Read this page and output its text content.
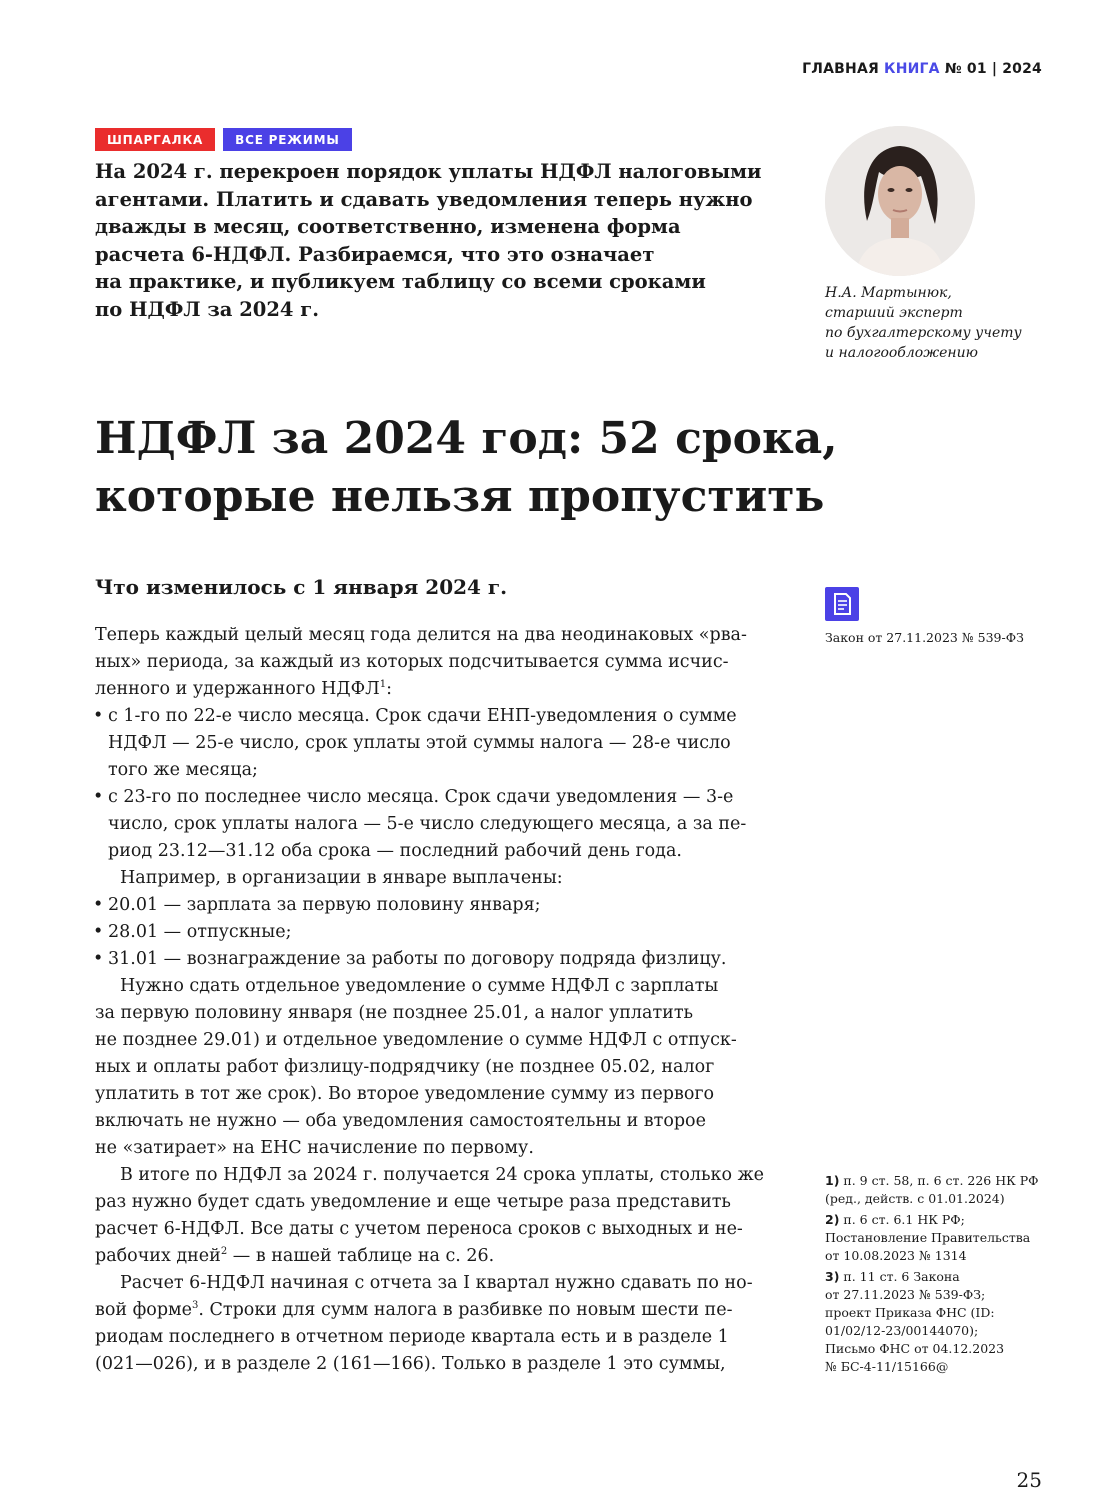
ГЛАВНАЯ КНИГА № 01 | 2024
ШПАРГАЛКА	ВСЕ РЕЖИМЫ
На 2024 г. перекроен порядок уплаты НДФЛ налоговыми
агентами. Платить и сдавать уведомления теперь нужно
дважды в месяц, соответственно, изменена форма
расчета 6-НДФЛ. Разбираемся, что это означает
на практике, и публикуем таблицу со всеми сроками
по НДФЛ за 2024 г.
Н.А. Мартынюк,
старший эксперт
по бухгалтерскому учету
и налогообложению
НДФЛ за 2024 год: 52 срока,
которые нельзя пропустить
Что изменилось с 1 января 2024 г.
Закон от 27.11.2023 № 539-ФЗ
Теперь каждый целый месяц года делится на два неодинаковых «рва-
ных» периода, за каждый из которых подсчитывается сумма исчис-
ленного и удержанного НДФЛ$^1$:
• с 1-го по 22-е число месяца. Срок сдачи ЕНП-уведомления о сумме
НДФЛ — 25-е число, срок уплаты этой суммы налога — 28-е число
того же месяца;
• с 23-го по последнее число месяца. Срок сдачи уведомления — 3-е
число, срок уплаты налога — 5-е число следующего месяца, а за пе-
риод 23.12—31.12 оба срока — последний рабочий день года.
Например, в организации в январе выплачены:
• 20.01 — зарплата за первую половину января;
• 28.01 — отпускные;
• 31.01 — вознаграждение за работы по договору подряда физлицу.
Нужно сдать отдельное уведомление о сумме НДФЛ с зарплаты
за первую половину января (не позднее 25.01, а налог уплатить
не позднее 29.01) и отдельное уведомление о сумме НДФЛ с отпуск-
ных и оплаты работ физлицу-подрядчику (не позднее 05.02, налог
уплатить в тот же срок). Во второе уведомление сумму из первого
включать не нужно — оба уведомления самостоятельны и второе
не «затирает» на ЕНС начисление по первому.
В итоге по НДФЛ за 2024 г. получается 24 срока уплаты, столько же
раз нужно будет сдать уведомление и еще четыре раза представить
расчет 6-НДФЛ. Все даты с учетом переноса сроков с выходных и не-
рабочих дней$^2$ — в нашей таблице на с. 26.
Расчет 6-НДФЛ начиная с отчета за I квартал нужно сдавать по но-
вой форме$^3$. Строки для сумм налога в разбивке по новым шести пе-
риодам последнего в отчетном периоде квартала есть и в разделе 1
(021—026), и в разделе 2 (161—166). Только в разделе 1 это суммы,
1) п. 9 ст. 58, п. 6 ст. 226 НК РФ
(ред., действ. с 01.01.2024)
2) п. 6 ст. 6.1 НК РФ;
Постановление Правительства
от 10.08.2023 № 1314
3) п. 11 ст. 6 Закона
от 27.11.2023 № 539-ФЗ;
проект Приказа ФНС (ID:
01/02/12-23/00144070);
Письмо ФНС от 04.12.2023
№ БС-4-11/15166@
25
